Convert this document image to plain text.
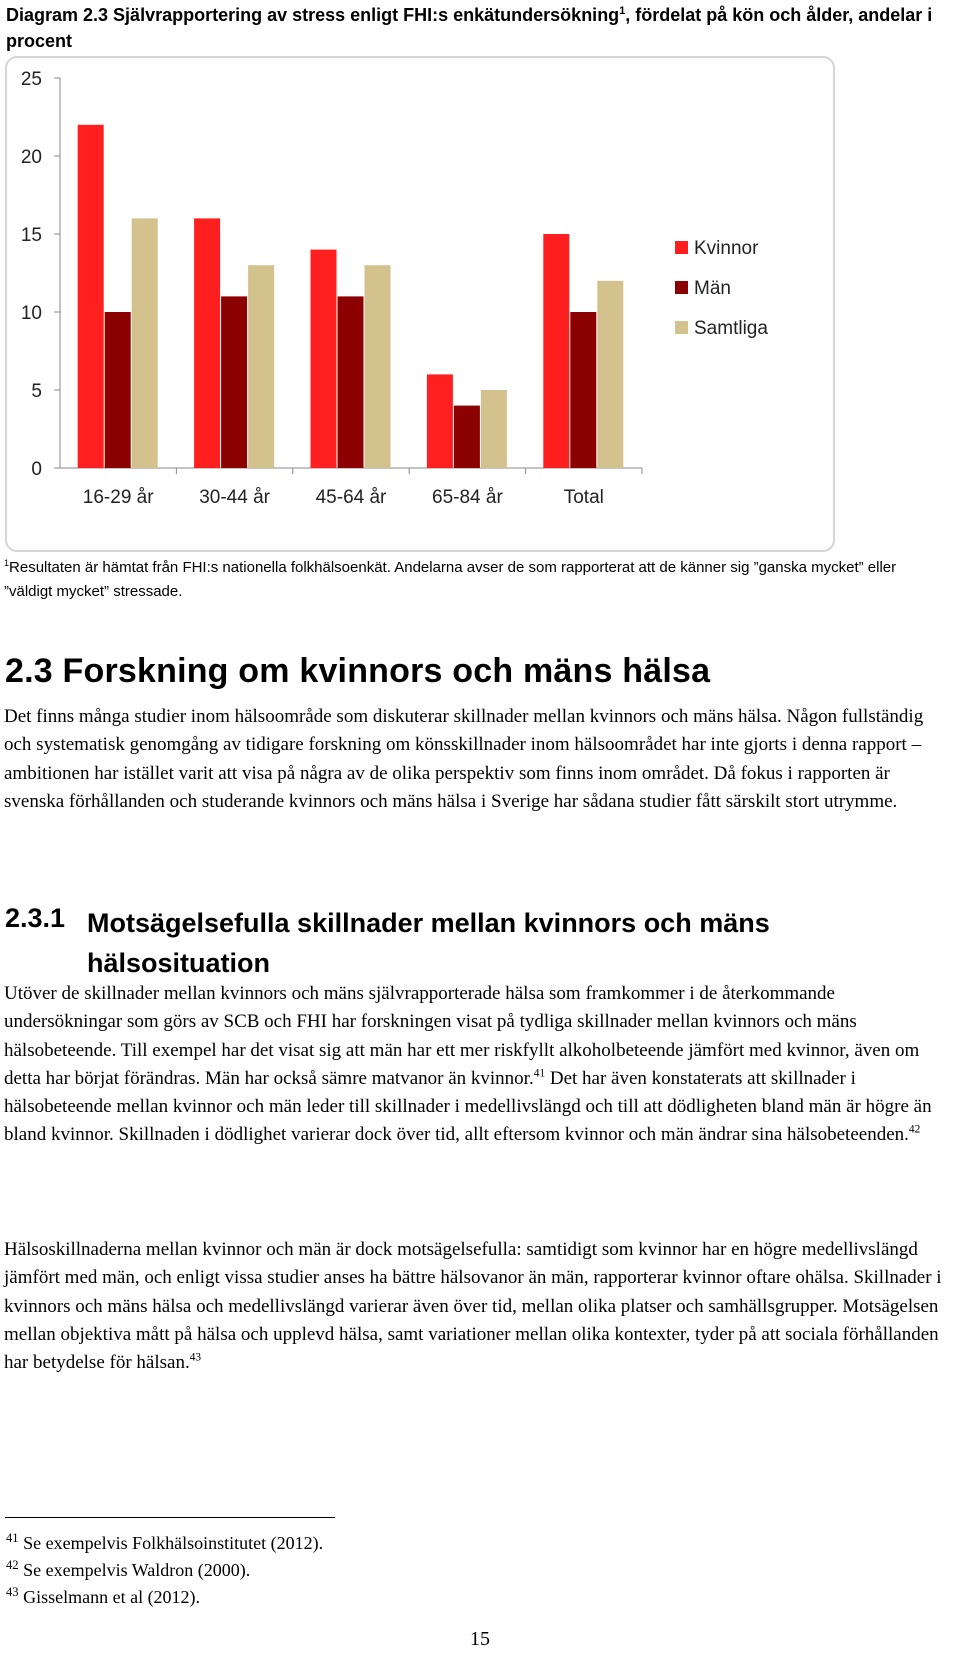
Diagram 2.3 Självrapportering av stress enligt FHI:s enkätundersökning$^1$, fördelat på kön och ålder, andelar i procent
0
5
10
15
20
25
16-29 år 30-44 år 45-64 år 65-84 år	Total
Kvinnor
Män
Samtliga
$^1$Resultaten är hämtat från FHI:s nationella folkhälsoenkät. Andelarna avser de som rapporterat att de känner sig ”ganska mycket” eller ”väldigt mycket” stressade.
2.3 Forskning om kvinnors och mäns hälsa
Det finns många studier inom hälsoområde som diskuterar skillnader mellan kvinnors och mäns hälsa. Någon fullständig och systematisk genomgång av tidigare forskning om könsskillnader inom hälsoområdet har inte gjorts i denna rapport – ambitionen har istället varit att visa på några av de olika perspektiv som finns inom området. Då fokus i rapporten är svenska förhållanden och studerande kvinnors och mäns hälsa i Sverige har sådana studier fått särskilt stort utrymme.
2.3.1 Motsägelsefulla skillnader mellan kvinnors och mäns hälsosituation
Utöver de skillnader mellan kvinnors och mäns självrapporterade hälsa som framkommer i de återkommande undersökningar som görs av SCB och FHI har forskningen visat på tydliga skillnader mellan kvinnors och mäns hälsobeteende. Till exempel har det visat sig att män har ett mer riskfyllt alkoholbeteende jämfört med kvinnor, även om detta har börjat förändras. Män har också sämre matvanor än kvinnor.$^{41}$ Det har även konstaterats att skillnader i hälsobeteende mellan kvinnor och män leder till skillnader i medellivslängd och till att dödligheten bland män är högre än bland kvinnor. Skillnaden i dödlighet varierar dock över tid, allt eftersom kvinnor och män ändrar sina hälsobeteenden.$^{42}$
Hälsoskillnaderna mellan kvinnor och män är dock motsägelsefulla: samtidigt som kvinnor har en högre medellivslängd jämfört med män, och enligt vissa studier anses ha bättre hälsovanor än män, rapporterar kvinnor oftare ohälsa. Skillnader i kvinnors och mäns hälsa och medellivslängd varierar även över tid, mellan olika platser och samhällsgrupper. Motsägelsen mellan objektiva mått på hälsa och upplevd hälsa, samt variationer mellan olika kontexter, tyder på att sociala förhållanden har betydelse för hälsan.$^{43}$
$^{41}$ Se exempelvis Folkhälsoinstitutet (2012).
$^{42}$ Se exempelvis Waldron (2000).
$^{43}$ Gisselmann et al (2012).
15
